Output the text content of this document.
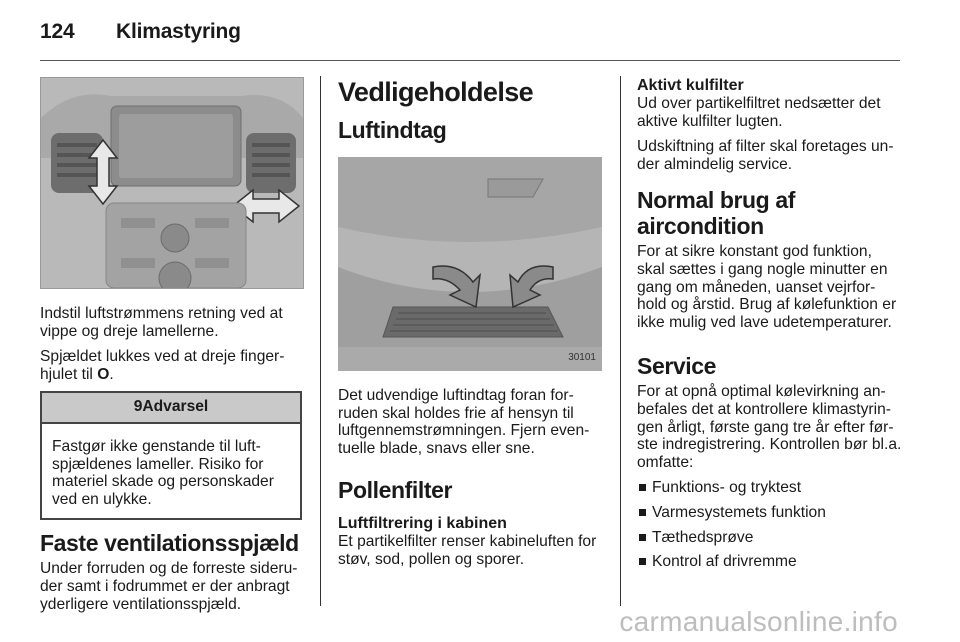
124 Klimastyring

Indstil luftstrømmens retning ved at vippe og dreje lamellerne.

Spjældet lukkes ved at dreje finger-hjulet til O.

9Advarsel
Fastgør ikke genstande til luft-spjældenes lameller. Risiko for materiel skade og personskader ved en ulykke.
Faste ventilationsspjæld

Under forruden og de forreste sideru-der samt i fodrummet er der anbragt yderligere ventilationsspjæld.

Vedligeholdelse
Luftindtag
30101

Det udvendige luftindtag foran for-ruden skal holdes frie af hensyn til luftgennemstrømningen. Fjern even-tuelle blade, snavs eller sne.

Pollenfilter
Luftfiltrering i kabinen

Et partikelfilter renser kabineluften for støv, sod, pollen og sporer.

Aktivt kulfilter

Ud over partikelfiltret nedsætter det aktive kulfilter lugten.

Udskiftning af filter skal foretages un-der almindelig service.

Normal brug af aircondition

For at sikre konstant god funktion, skal sættes i gang nogle minutter en gang om måneden, uanset vejrfor-hold og årstid. Brug af kølefunktion er ikke mulig ved lave udetemperaturer.

Service

For at opnå optimal kølevirkning an-befales det at kontrollere klimastyrin-gen årligt, første gang tre år efter før-ste indregistrering. Kontrollen bør bl.a. omfatte:

Funktions- og tryktest
Varmesystemets funktion
Tæthedsprøve
Kontrol af drivremme
carmanualsonline.info
